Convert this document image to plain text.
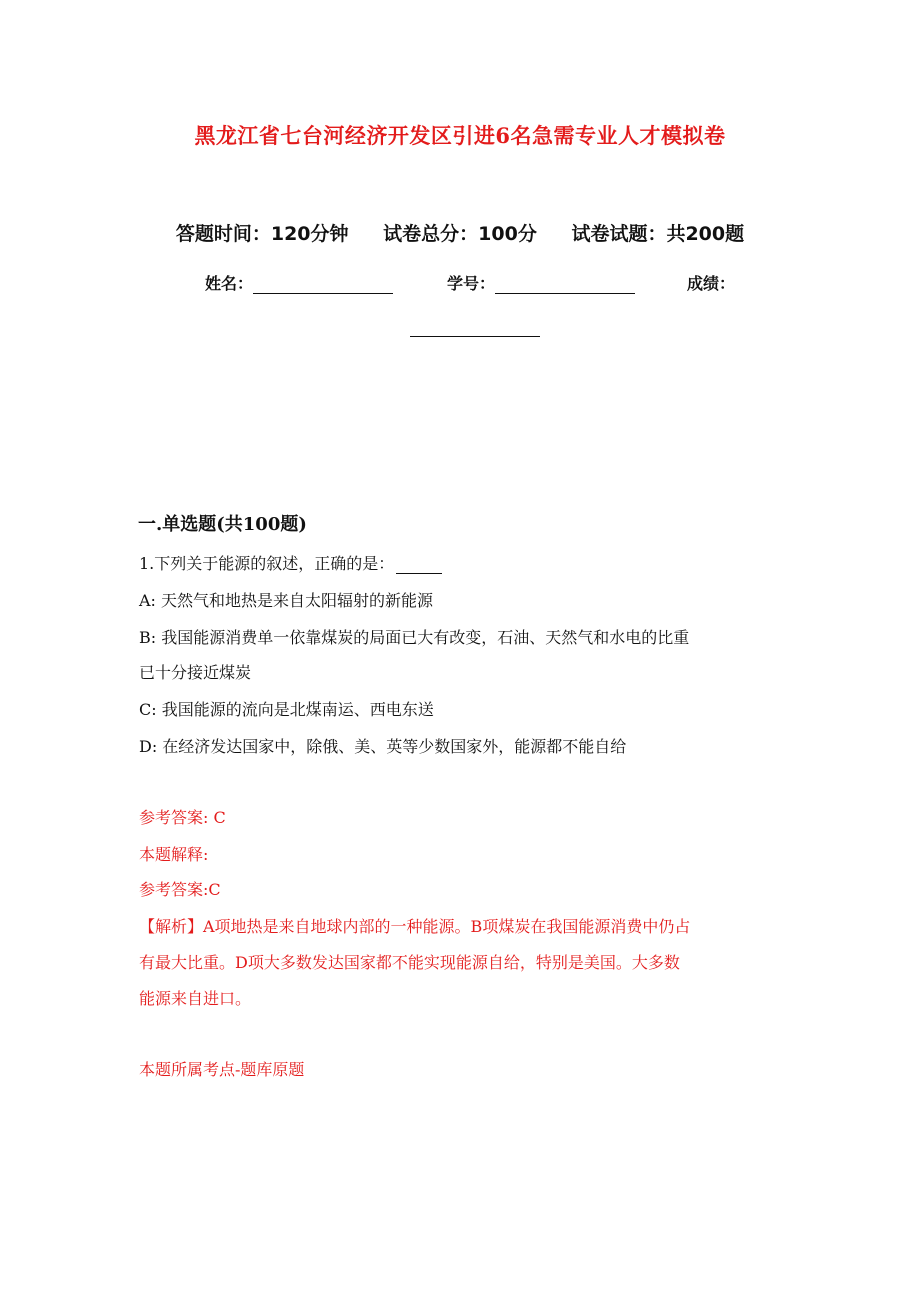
黑龙江省七台河经济开发区引进6名急需专业人才模拟卷
答题时间：120分钟 试卷总分：100分 试卷试题：共200题
姓名：	学号：	成绩：
一.单选题(共100题)
1.下列关于能源的叙述，正确的是：
A: 天然气和地热是来自太阳辐射的新能源
B: 我国能源消费单一依靠煤炭的局面已大有改变，石油、天然气和水电的比重
已十分接近煤炭
C: 我国能源的流向是北煤南运、西电东送
D: 在经济发达国家中，除俄、美、英等少数国家外，能源都不能自给
参考答案: C
本题解释:
参考答案:C
【解析】A项地热是来自地球内部的一种能源。B项煤炭在我国能源消费中仍占
有最大比重。D项大多数发达国家都不能实现能源自给，特别是美国。大多数
能源来自进口。
本题所属考点-题库原题
